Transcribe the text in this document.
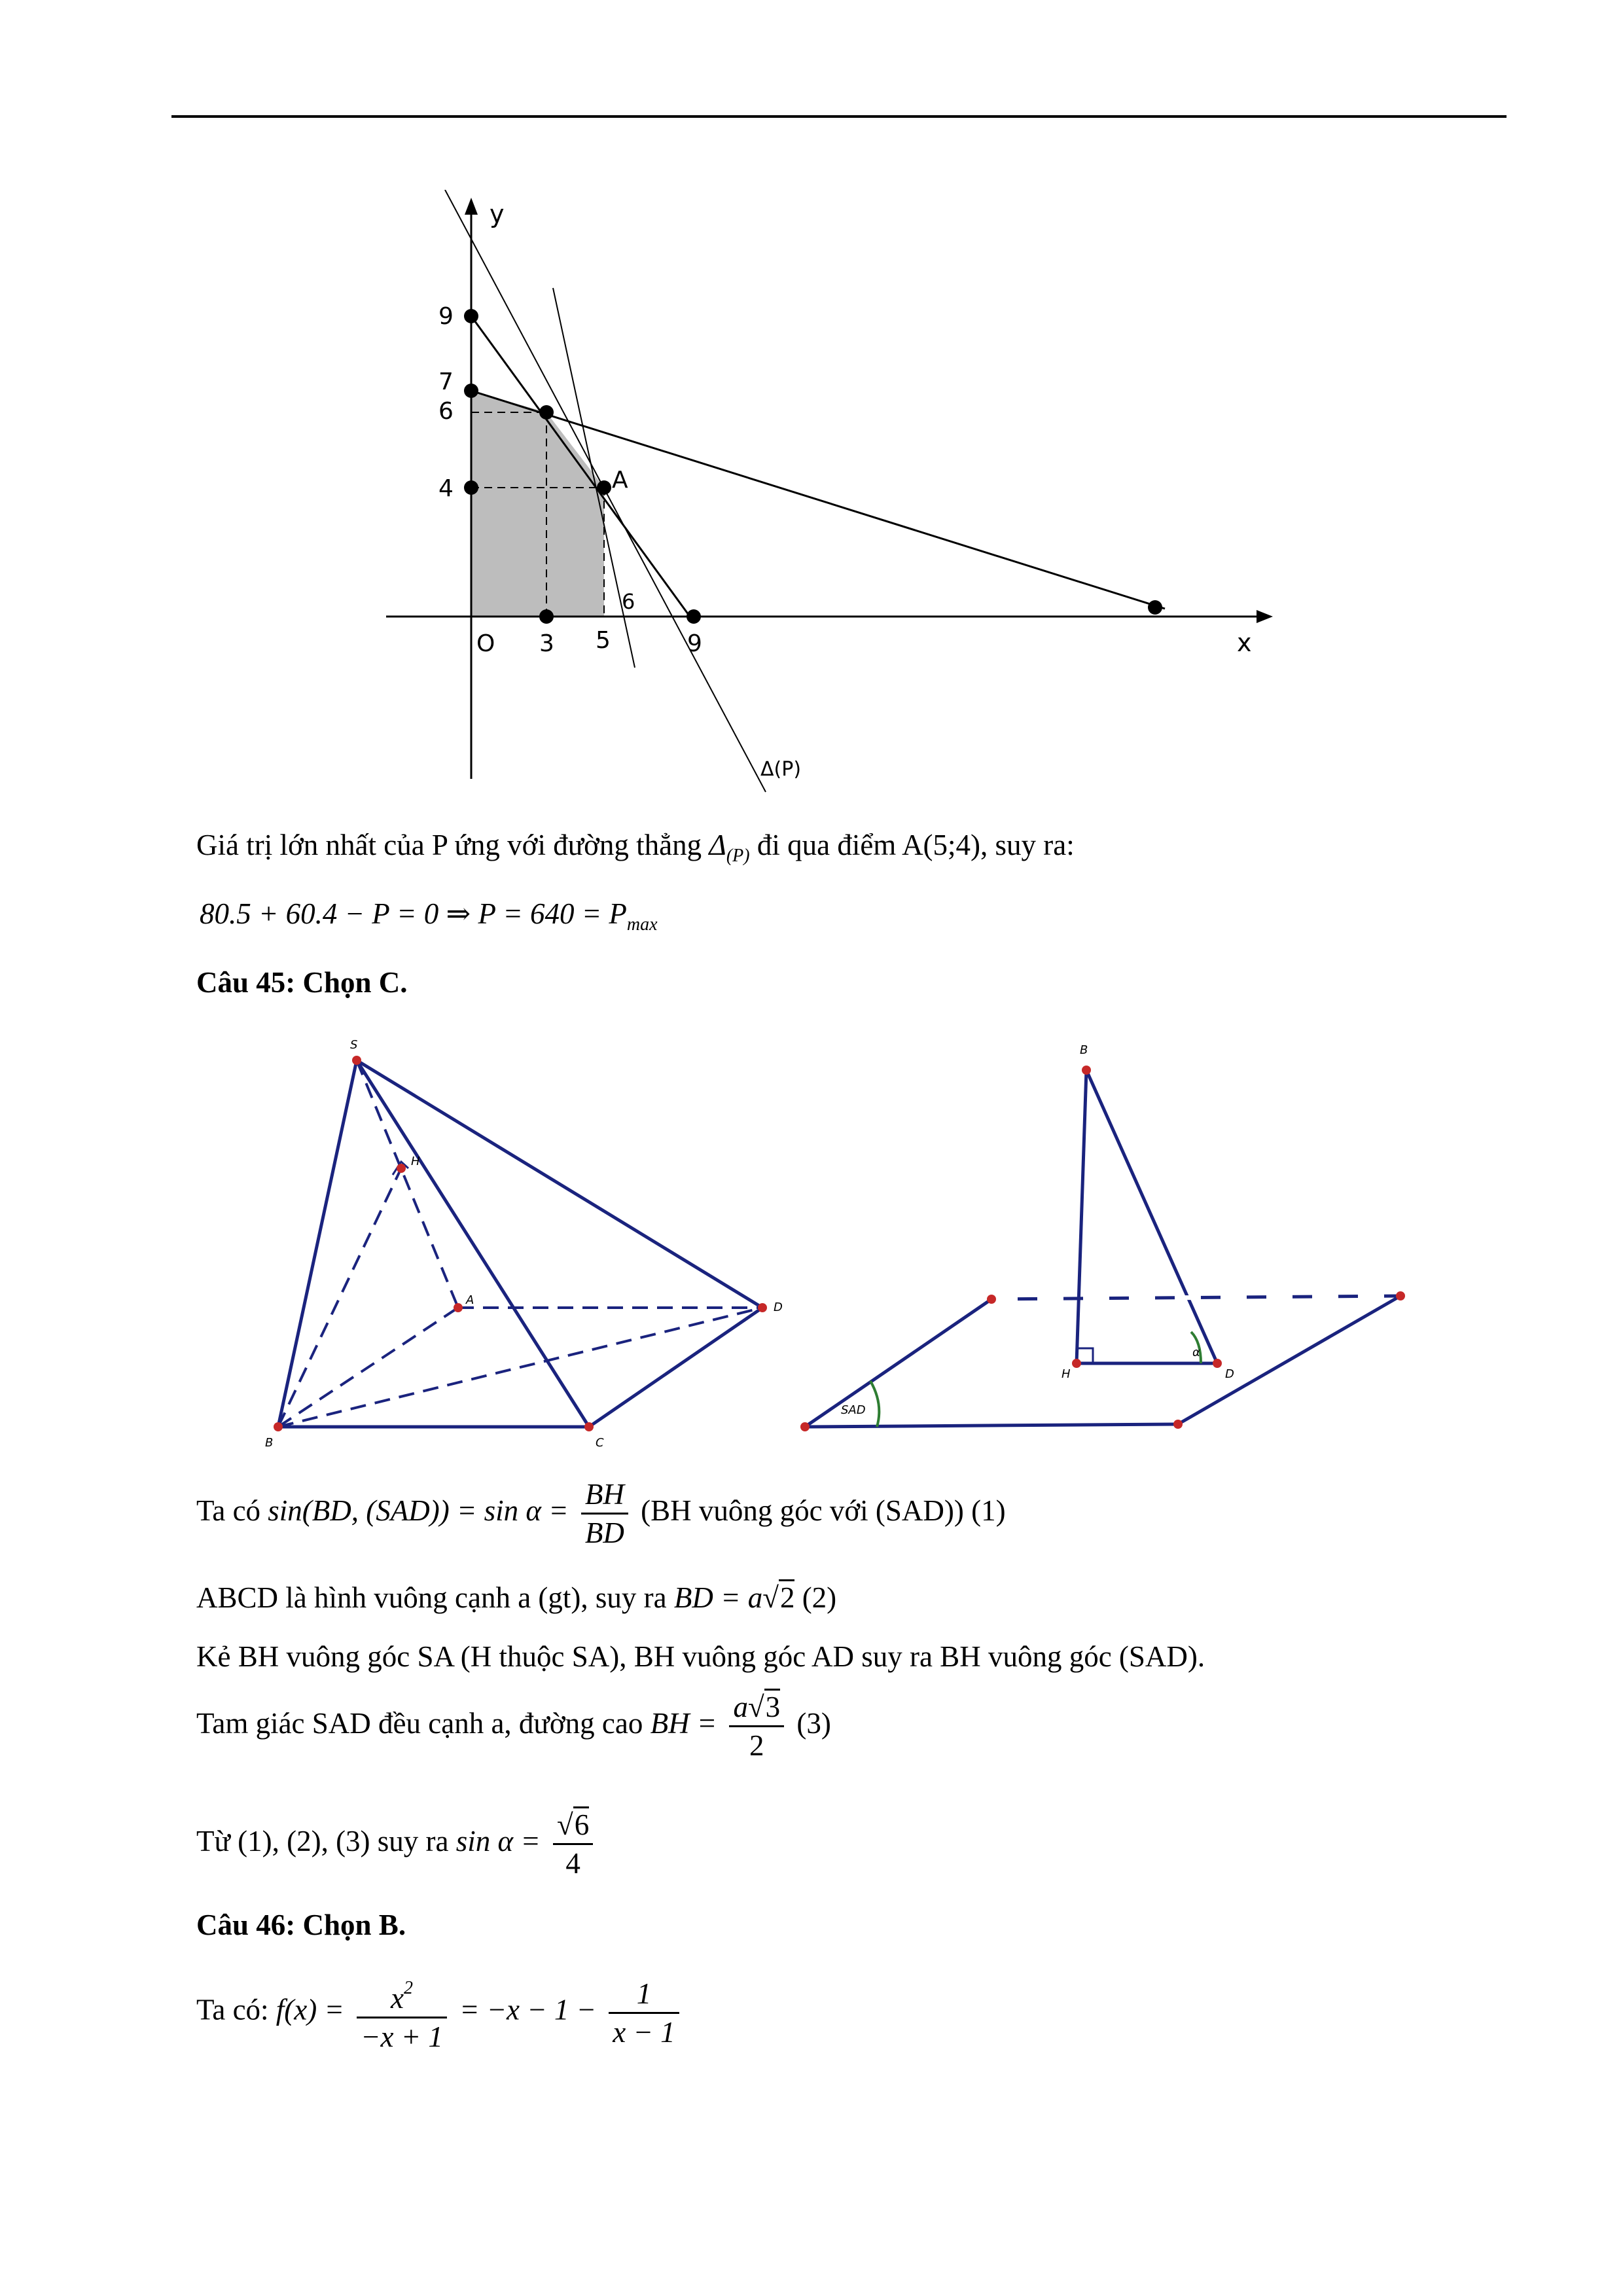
y
x
O 3 5
6
9
9
7
6
4	A
Δ(P)
Giá trị lớn nhất của P ứng với đường thẳng $\Delta_{(P)}$ đi qua điểm A(5;4), suy ra:
80.5 + 60.4 − P = 0 ⇒ $P = 640 = P_{max}$
Câu 45: Chọn C.
S
H
A
D
B	C
B
H	D
α
SAD
Ta có sin(BD, $(SAD)) = \sin \alpha = \frac{BH}{BD} (BH$ vuông góc với (SAD)) (1)
ABCD là hình vuông cạnh a (gt), suy ra BD = a√2 (2)
Kẻ BH vuông góc SA (H thuộc SA), BH vuông góc AD suy ra BH vuông góc (SAD).
Tam giác SAD đều cạnh a, đường cao BH = $\frac{a√3}{2} (3)$
Từ (1), (2), (3) suy ra $\sin \alpha = \frac{√6}{4}$
Câu 46: Chọn B.
Ta có: $f(x) = \frac{x^2}{-x + 1} = -x - 1 - \frac{1}{x - 1}$
